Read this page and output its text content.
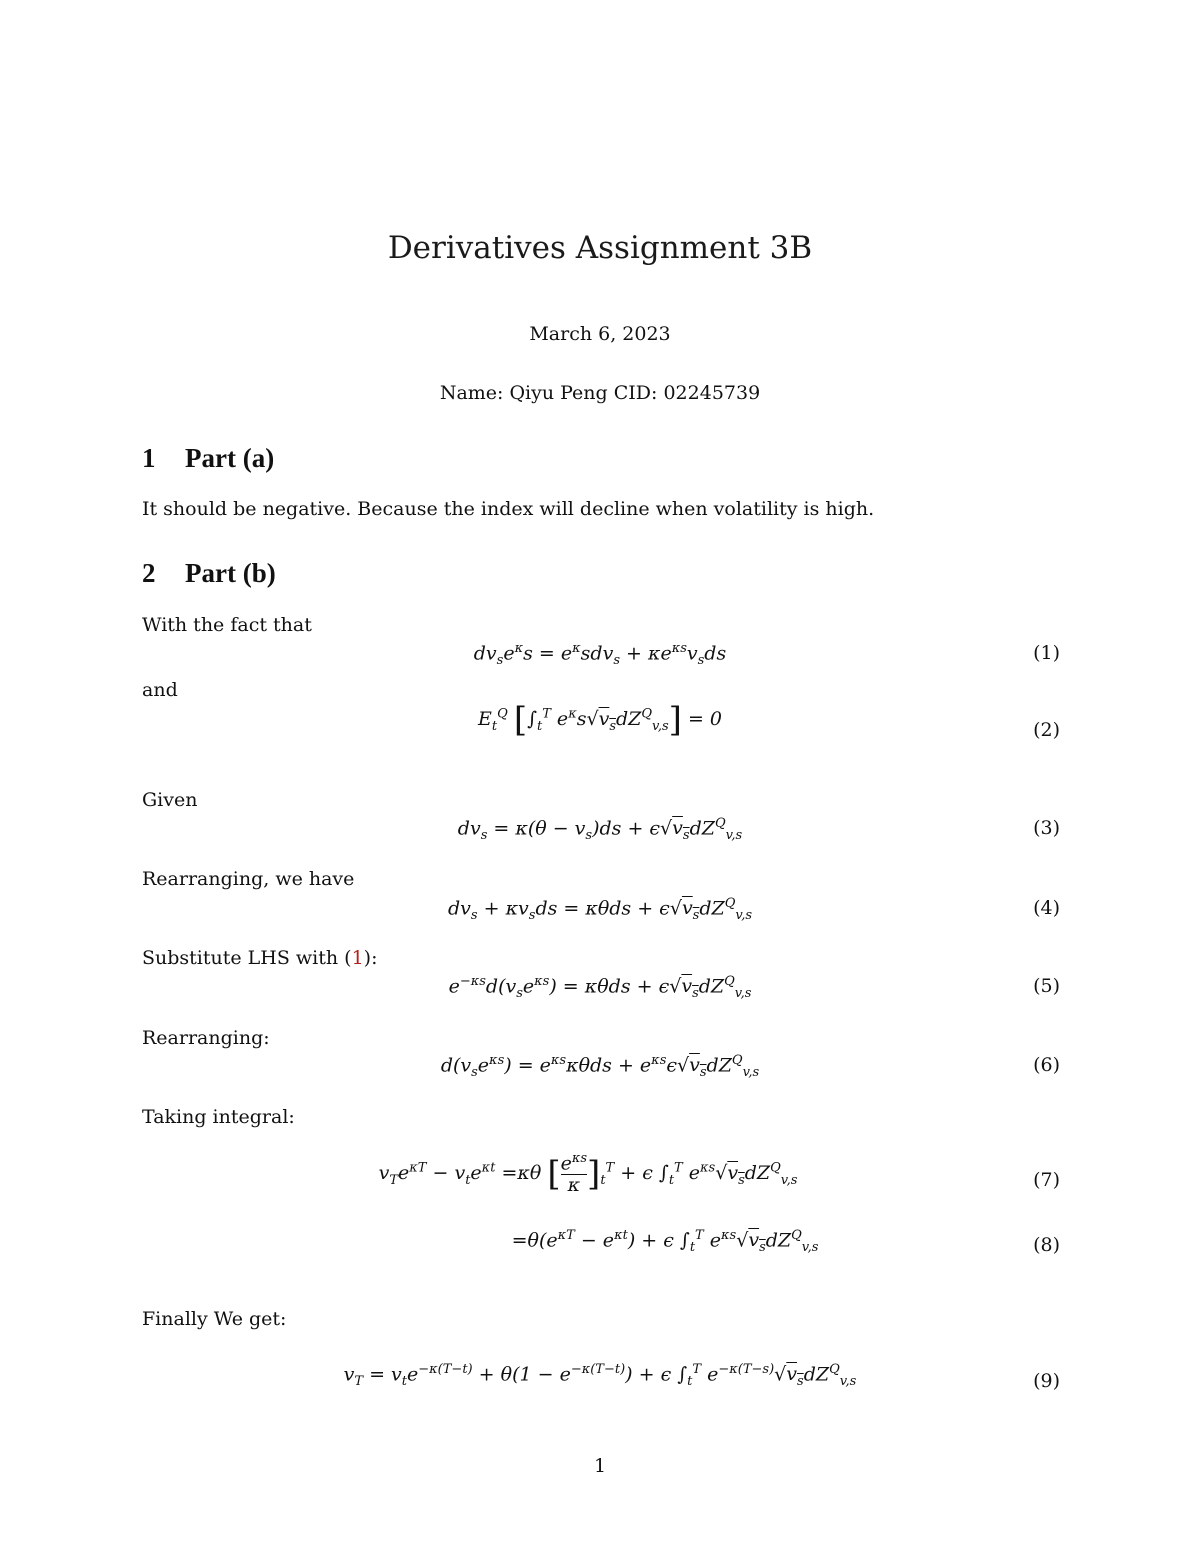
Derivatives Assignment 3B
March 6, 2023
Name: Qiyu Peng CID: 02245739
1 Part (a)
It should be negative. Because the index will decline when volatility is high.
2 Part (b)
With the fact that
$dv_se^\kappa s = e^\kappa sdv_s + \kappa e^{\kappa s}v_sds$	(1)
and
$E_t^Q$ [$\int_t^T$ $e^\kappa s√v_sdZ^Q_{v,s}] = 0$	(2)
Given
$dv_s = \kappa(\theta - v_s)ds + \epsilon√v_sdZ^Q_{v,s}$	(3)
Rearranging, we have
$dv_s + \kappa v_sds = \kappa\theta ds + \epsilon√v_sdZ^Q_{v,s}$	(4)
Substitute LHS with (1):
$e^{-\kappa s}d(v_se^{\kappa s}) = \kappa\theta ds + \epsilon√v_sdZ^Q_{v,s}$	(5)
Rearranging:
$d(v_se^{\kappa s}) = e^{\kappa s}\kappa\theta ds + e^{\kappa s}\epsilon√v_sdZ^Q_{v,s}$	(6)
Taking integral:
$v_Te^{\kappa T} - v_te^{\kappa t} =\kappa\theta$ [ $e^{\kappa s}$
κ ]$_t^T + \epsilon$ $\int_t^T$ $e^{\kappa s}√v_sdZ^Q_{v,s}$	(7)
$=\theta(e^{\kappa T} - e^{\kappa t}) + \epsilon$ $\int_t^T$ $e^{\kappa s}√v_sdZ^Q_{v,s}$	(8)
Finally We get:
$v_T = v_te^{-\kappa(T-t)} + \theta(1 - e^{-\kappa(T-t)}) + \epsilon$ $\int_t^T$ $e^{-\kappa(T-s)}√v_sdZ^Q_{v,s}$	(9)
1
